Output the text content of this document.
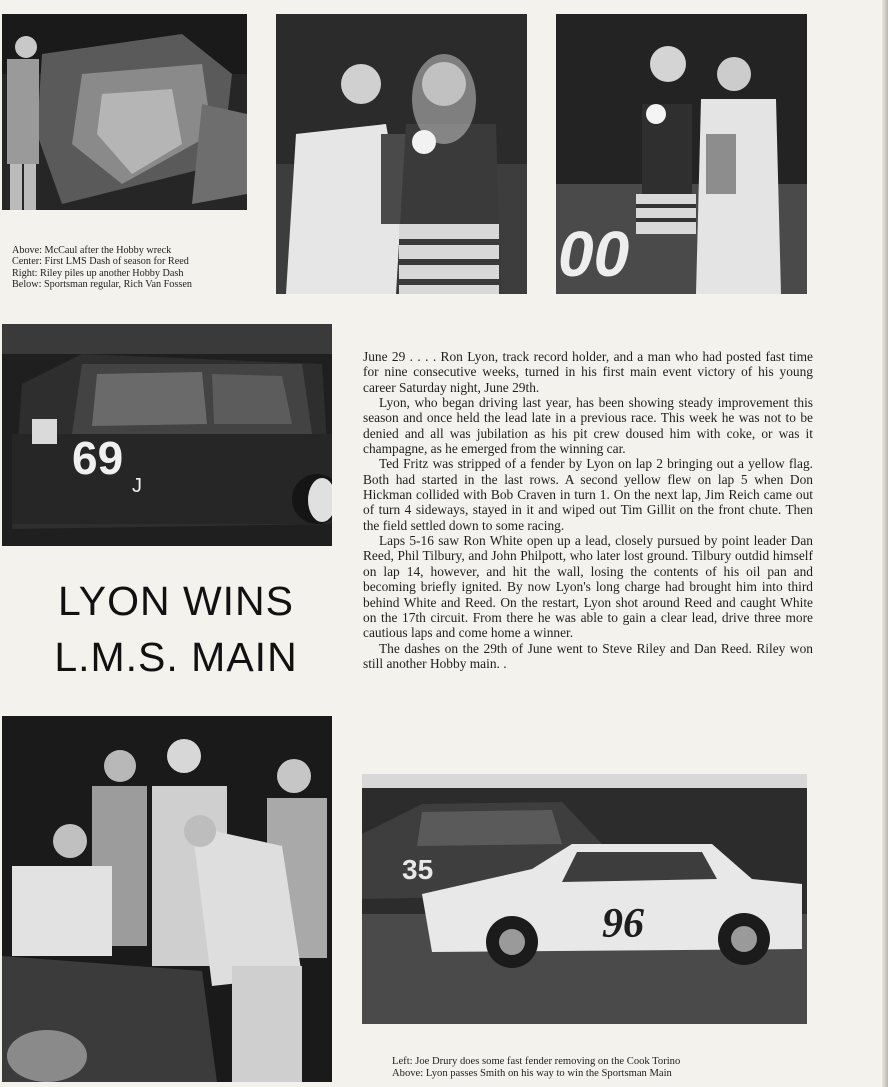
Above: McCaul after the Hobby wreck
Center: First LMS Dash of season for Reed
Right: Riley piles up another Hobby Dash
Below: Sportsman regular, Rich Van Fossen	00
69
J
LYON WINS
L.M.S. MAIN

June 29 . . . . Ron Lyon, track record holder, and a man who had posted fast time for nine consecutive weeks, turned in his first main event victory of his young career Saturday night, June 29th.

Lyon, who began driving last year, has been showing steady improvement this season and once held the lead late in a previous race. This week he was not to be denied and all was jubilation as his pit crew doused him with coke, or was it champagne, as he emerged from the winning car.

Ted Fritz was stripped of a fender by Lyon on lap 2 bringing out a yellow flag. Both had started in the last rows. A second yellow flew on lap 5 when Don Hickman collided with Bob Craven in turn 1. On the next lap, Jim Reich came out of turn 4 sideways, stayed in it and wiped out Tim Gillit on the front chute. Then the field settled down to some racing.

Laps 5-16 saw Ron White open up a lead, closely pursued by point leader Dan Reed, Phil Tilbury, and John Philpott, who later lost ground. Tilbury outdid himself on lap 14, however, and hit the wall, losing the contents of his oil pan and becoming briefly ignited. By now Lyon's long charge had brought him into third behind White and Reed. On the restart, Lyon shot around Reed and caught White on the 17th circuit. From there he was able to gain a clear lead, drive three more cautious laps and come home a winner.

The dashes on the 29th of June went to Steve Riley and Dan Reed. Riley won still another Hobby main. .

35
96
Left: Joe Drury does some fast fender removing on the Cook Torino
Above: Lyon passes Smith on his way to win the Sportsman Main
